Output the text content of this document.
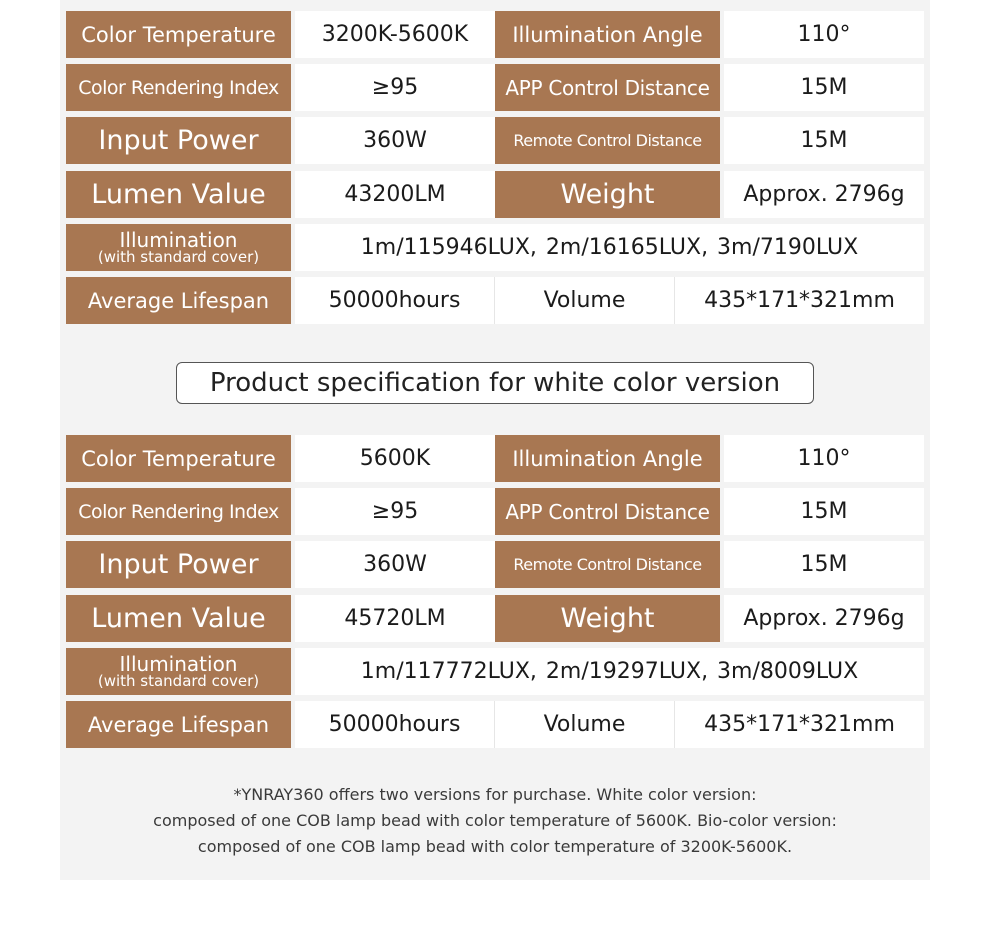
Color Temperature	3200K-5600K	Illumination Angle	110°
Color Rendering Index	≥95	APP Control Distance	15M
Input Power	360W	Remote Control Distance	15M
Lumen Value	43200LM	Weight	Approx. 2796g
Illumination
(with standard cover)	1m/115946LUX, 2m/16165LUX, 3m/7190LUX
Average Lifespan	50000hours	Volume	435*171*321mm
Product specification for white color version
Color Temperature	5600K	Illumination Angle	110°
Color Rendering Index	≥95	APP Control Distance	15M
Input Power	360W	Remote Control Distance	15M
Lumen Value	45720LM	Weight	Approx. 2796g
Illumination
(with standard cover)	1m/117772LUX, 2m/19297LUX, 3m/8009LUX
Average Lifespan	50000hours	Volume	435*171*321mm
*YNRAY360 offers two versions for purchase. White color version:
composed of one COB lamp bead with color temperature of 5600K. Bio-color version:
composed of one COB lamp bead with color temperature of 3200K-5600K.
